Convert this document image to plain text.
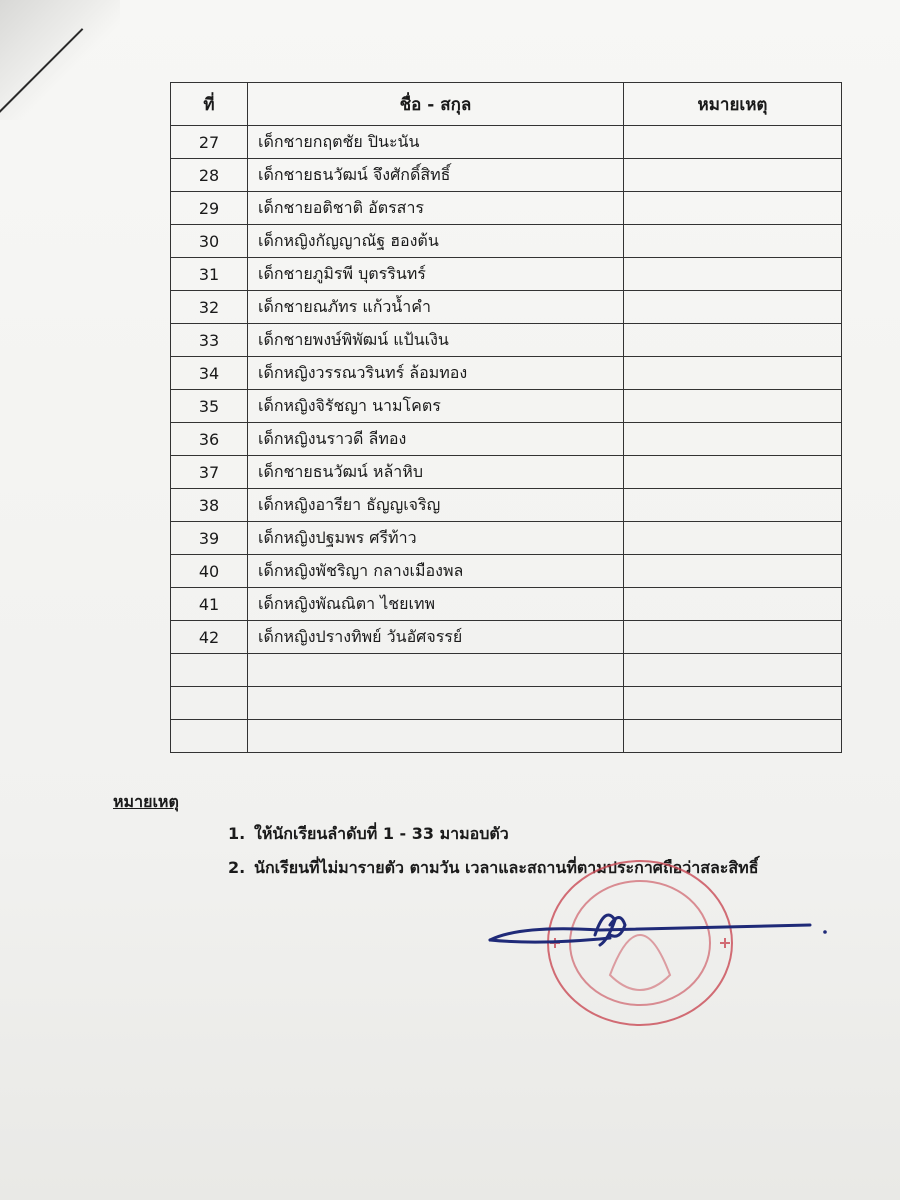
ที่	ชื่อ - สกุล	หมายเหตุ
27	เด็กชายกฤตชัย ปินะนัน	
28	เด็กชายธนวัฒน์ จึงศักดิ์สิทธิ์	
29	เด็กชายอติชาติ อัตรสาร	
30	เด็กหญิงกัญญาณัฐ ฮองต้น	
31	เด็กชายภูมิรพี บุตรรินทร์	
32	เด็กชายณภัทร แก้วน้ำคำ	
33	เด็กชายพงษ์พิพัฒน์ แป้นเงิน	
34	เด็กหญิงวรรณวรินทร์ ล้อมทอง	
35	เด็กหญิงจิรัชญา นามโคตร	
36	เด็กหญิงนราวดี ลีทอง	
37	เด็กชายธนวัฒน์ หล้าหิบ	
38	เด็กหญิงอารียา ธัญญเจริญ	
39	เด็กหญิงปฐมพร ศรีท้าว	
40	เด็กหญิงพัชริญา กลางเมืองพล	
41	เด็กหญิงพัณณิตา ไชยเทพ	
42	เด็กหญิงปรางทิพย์ วันอัศจรรย์	

หมายเหตุ
1. ให้นักเรียนลำดับที่ 1 - 33 มามอบตัว
2. นักเรียนที่ไม่มารายตัว ตามวัน เวลาและสถานที่ตามประกาศถือว่าสละสิทธิ์
